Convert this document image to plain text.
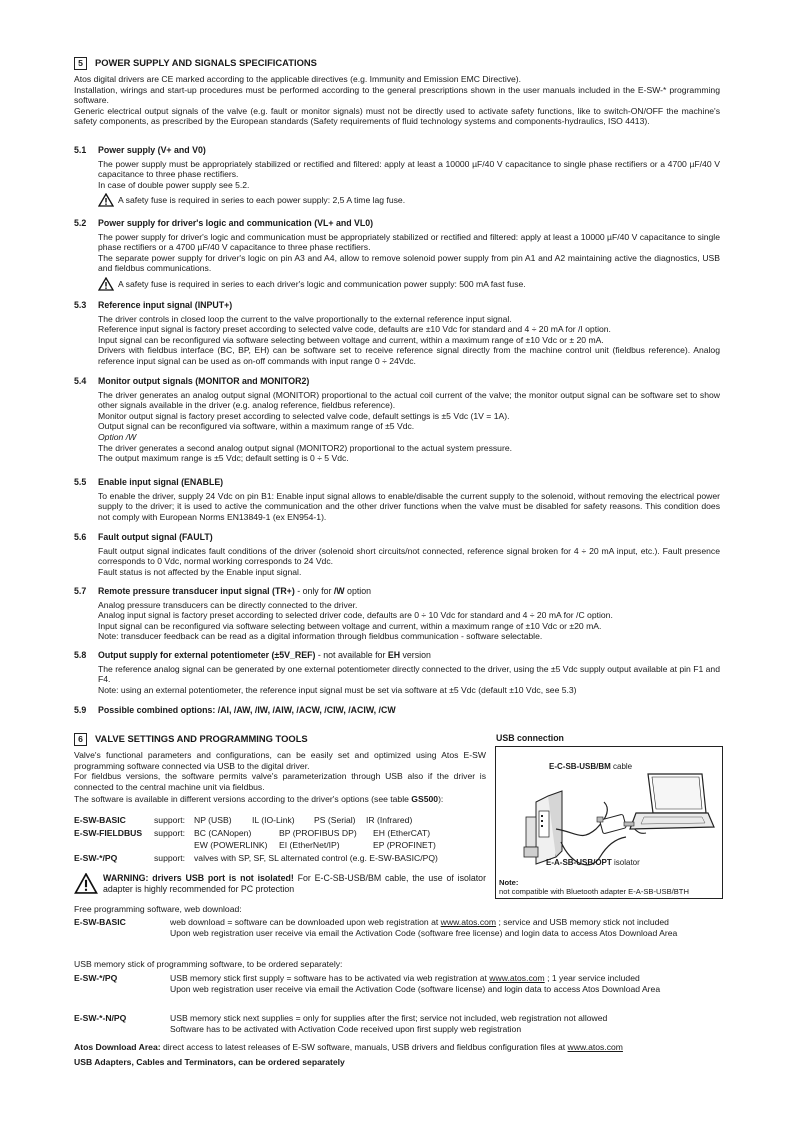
5	POWER SUPPLY AND SIGNALS SPECIFICATIONS
Atos digital drivers are CE marked according to the applicable directives (e.g. Immunity and Emission EMC Directive).
Installation, wirings and start-up procedures must be performed according to the general prescriptions shown in the user manuals included in the E-SW-* programming software.
Generic electrical output signals of the valve (e.g. fault or monitor signals) must not be directly used to activate safety functions, like to switch-ON/OFF the machine's safety components, as prescribed by the European standards (Safety requirements of fluid technology systems and components-hydraulics, ISO 4413).
5.1 Power supply (V+ and V0)

The power supply must be appropriately stabilized or rectified and filtered: apply at least a 10000 µF/40 V capacitance to single phase rectifiers or a 4700 µF/40 V capacitance to three phase rectifiers.

In case of double power supply see 5.2.

A safety fuse is required in series to each power supply: 2,5 A time lag fuse.
5.2 Power supply for driver's logic and communication (VL+ and VL0)

The power supply for driver's logic and communication must be appropriately stabilized or rectified and filtered: apply at least a 10000 µF/40 V capacitance to single phase rectifiers or a 4700 µF/40 V capacitance to three phase rectifiers.

The separate power supply for driver's logic on pin A3 and A4, allow to remove solenoid power supply from pin A1 and A2 maintaining active the diagnostics, USB and fieldbus communications.

A safety fuse is required in series to each driver's logic and communication power supply: 500 mA fast fuse.
5.3 Reference input signal (INPUT+)

The driver controls in closed loop the current to the valve proportionally to the external reference input signal.

Reference input signal is factory preset according to selected valve code, defaults are ±10 Vdc for standard and 4 ÷ 20 mA for /I option.

Input signal can be reconfigured via software selecting between voltage and current, within a maximum range of ±10 Vdc or ± 20 mA.

Drivers with fieldbus interface (BC, BP, EH) can be software set to receive reference signal directly from the machine control unit (fieldbus reference). Analog reference input signal can be used as on-off commands with input range 0 ÷ 24Vdc.

5.4 Monitor output signals (MONITOR and MONITOR2)

The driver generates an analog output signal (MONITOR) proportional to the actual coil current of the valve; the monitor output signal can be software set to show other signals available in the driver (e.g. analog reference, fieldbus reference).

Monitor output signal is factory preset according to selected valve code, default settings is ±5 Vdc (1V = 1A).

Output signal can be reconfigured via software, within a maximum range of ±5 Vdc.

Option /W

The driver generates a second analog output signal (MONITOR2) proportional to the actual system pressure.

The output maximum range is ±5 Vdc; default setting is 0 ÷ 5 Vdc.

5.5 Enable input signal (ENABLE)

To enable the driver, supply 24 Vdc on pin B1: Enable input signal allows to enable/disable the current supply to the solenoid, without removing the electrical power supply to the driver; it is used to active the communication and the other driver functions when the valve must be disabled for safety reasons. This condition does not comply with European Norms EN13849-1 (ex EN954-1).

5.6 Fault output signal (FAULT)

Fault output signal indicates fault conditions of the driver (solenoid short circuits/not connected, reference signal broken for 4 ÷ 20 mA input, etc.). Fault presence corresponds to 0 Vdc, normal working corresponds to 24 Vdc.

Fault status is not affected by the Enable input signal.

5.7 Remote pressure transducer input signal (TR+) - only for /W option

Analog pressure transducers can be directly connected to the driver.

Analog input signal is factory preset according to selected driver code, defaults are 0 ÷ 10 Vdc for standard and 4 ÷ 20 mA for /C option.

Input signal can be reconfigured via software selecting between voltage and current, within a maximum range of ±10 Vdc or ±20 mA.

Note: transducer feedback can be read as a digital information through fieldbus communication - software selectable.

5.8 Output supply for external potentiometer (±5V_REF) - not available for EH version

The reference analog signal can be generated by one external potentiometer directly connected to the driver, using the ±5 Vdc supply output available at pin F1 and F4.

Note: using an external potentiometer, the reference input signal must be set via software at ±5 Vdc (default ±10 Vdc, see 5.3)

5.9 Possible combined options: /AI, /AW, /IW, /AIW, /ACW, /CIW, /ACIW, /CW
6	VALVE SETTINGS AND PROGRAMMING TOOLS

Valve's functional parameters and configurations, can be easily set and optimized using Atos E-SW programming software connected via USB to the digital driver.

For fieldbus versions, the software permits valve's parameterization through USB also if the driver is connected to the central machine unit via fieldbus.

The software is available in different versions according to the driver's options (see table GS500):

E-SW-BASIC	support:	NP (USB)	IL (IO-Link)	PS (Serial)	IR (Infrared)
E-SW-FIELDBUS	support:	BC (CANopen)	BP (PROFIBUS DP)	EH (EtherCAT)
EW (POWERLINK)	EI (EtherNet/IP)	EP (PROFINET)
E-SW-*/PQ	support:	valves with SP, SF, SL alternated control (e.g. E-SW-BASIC/PQ)

WARNING: drivers USB port is not isolated! For E-C-SB-USB/BM cable, the use of isolator adapter is highly recommended for PC protection

USB connection
E-C-SB-USB/BM cable
E-A-SB-USB/OPT isolator
Note:
not compatible with Bluetooth adapter E-A-SB-USB/BTH
Free programming software, web download:
E-SW-BASIC	web download = software can be downloaded upon web registration at www.atos.com ; service and USB memory stick not included

Upon web registration user receive via email the Activation Code (software free license) and login data to access Atos Download Area

USB memory stick of programming software, to be ordered separately:
E-SW-*/PQ	USB memory stick first supply = software has to be activated via web registration at www.atos.com ; 1 year service included

Upon web registration user receive via email the Activation Code (software license) and login data to access Atos Download Area

E-SW-*-N/PQ	USB memory stick next supplies = only for supplies after the first; service not included, web registration not allowed

Software has to be activated with Activation Code received upon first supply web registration

Atos Download Area: direct access to latest releases of E-SW software, manuals, USB drivers and fieldbus configuration files at www.atos.com
USB Adapters, Cables and Terminators, can be ordered separately
